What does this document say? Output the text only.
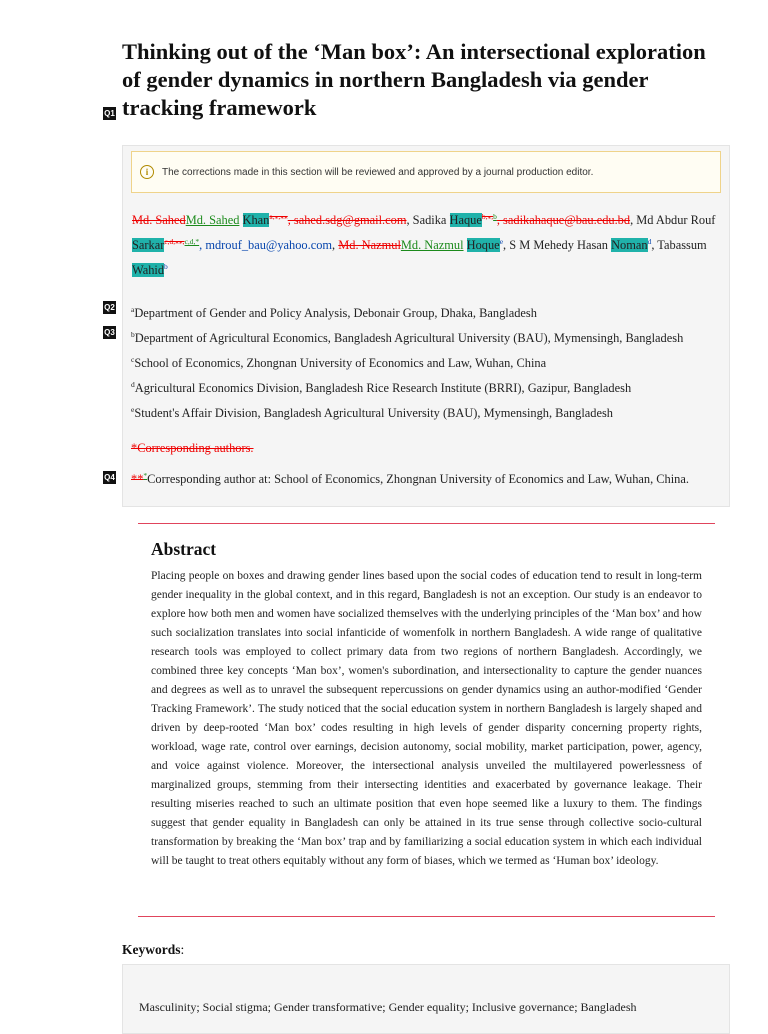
Q1
Q2
Q3
Q4
Thinking out of the ‘Man box’: An intersectional exploration of gender dynamics in northern Bangladesh via gender tracking framework
i	The corrections made in this section will be reviewed and approved by a journal production editor.
Md. SahedMd. Sahed Khan$^{a,⁎,⁎⁎}$, sahed.sdg@gmail.com, Sadika Haque$^{b,⁎,b}$, sadikahaque@bau.edu.bd, Md Abdur Rouf Sarkar$^{c,d,⁎⁎,c,d,*}$, mdrouf_bau@yahoo.com, Md. NazmulMd. Nazmul Hoque$^e$, S M Mehedy Hasan Noman$^d$, Tabassum Wahid$^b$
$^a$Department of Gender and Policy Analysis, Debonair Group, Dhaka, Bangladesh
$^b$Department of Agricultural Economics, Bangladesh Agricultural University (BAU), Mymensingh, Bangladesh
$^c$School of Economics, Zhongnan University of Economics and Law, Wuhan, China
$^d$Agricultural Economics Division, Bangladesh Rice Research Institute (BRRI), Gazipur, Bangladesh
$^e$Student's Affair Division, Bangladesh Agricultural University (BAU), Mymensingh, Bangladesh
*Corresponding authors.
***Corresponding author at: School of Economics, Zhongnan University of Economics and Law, Wuhan, China.
Abstract

Placing people on boxes and drawing gender lines based upon the social codes of education tend to result in long-term gender inequality in the global context, and in this regard, Bangladesh is not an exception. Our study is an endeavor to explore how both men and women have socialized themselves with the underlying principles of the ‘Man box’ and how such socialization translates into social infanticide of womenfolk in northern Bangladesh. A wide range of qualitative research tools was employed to collect primary data from two regions of northern Bangladesh. Accordingly, we combined three key concepts ‘Man box’, women's subordination, and intersectionality to capture the gender nuances and degrees as well as to unravel the subsequent repercussions on gender dynamics using an author-modified ‘Gender Tracking Framework’. The study noticed that the social education system in northern Bangladesh is largely shaped and driven by deep-rooted ‘Man box’ codes resulting in high levels of gender disparity concerning property rights, workload, wage rate, control over earnings, decision autonomy, social mobility, market participation, power, agency, and voice against violence. Moreover, the intersectional analysis unveiled the multilayered powerlessness of marginalized groups, stemming from their intersecting identities and exacerbated by governance leakage. Their resulting miseries reached to such an ultimate position that even hope seemed like a luxury to them. The findings suggest that gender equality in Bangladesh can only be attained in its true sense through collective socio-cultural transformation by breaking the ‘Man box’ trap and by familiarizing a social education system in which each individual will be taught to treat others equitably without any form of biases, which we termed as ‘Human box’ ideology.

Keywords:
Masculinity; Social stigma; Gender transformative; Gender equality; Inclusive governance; Bangladesh
